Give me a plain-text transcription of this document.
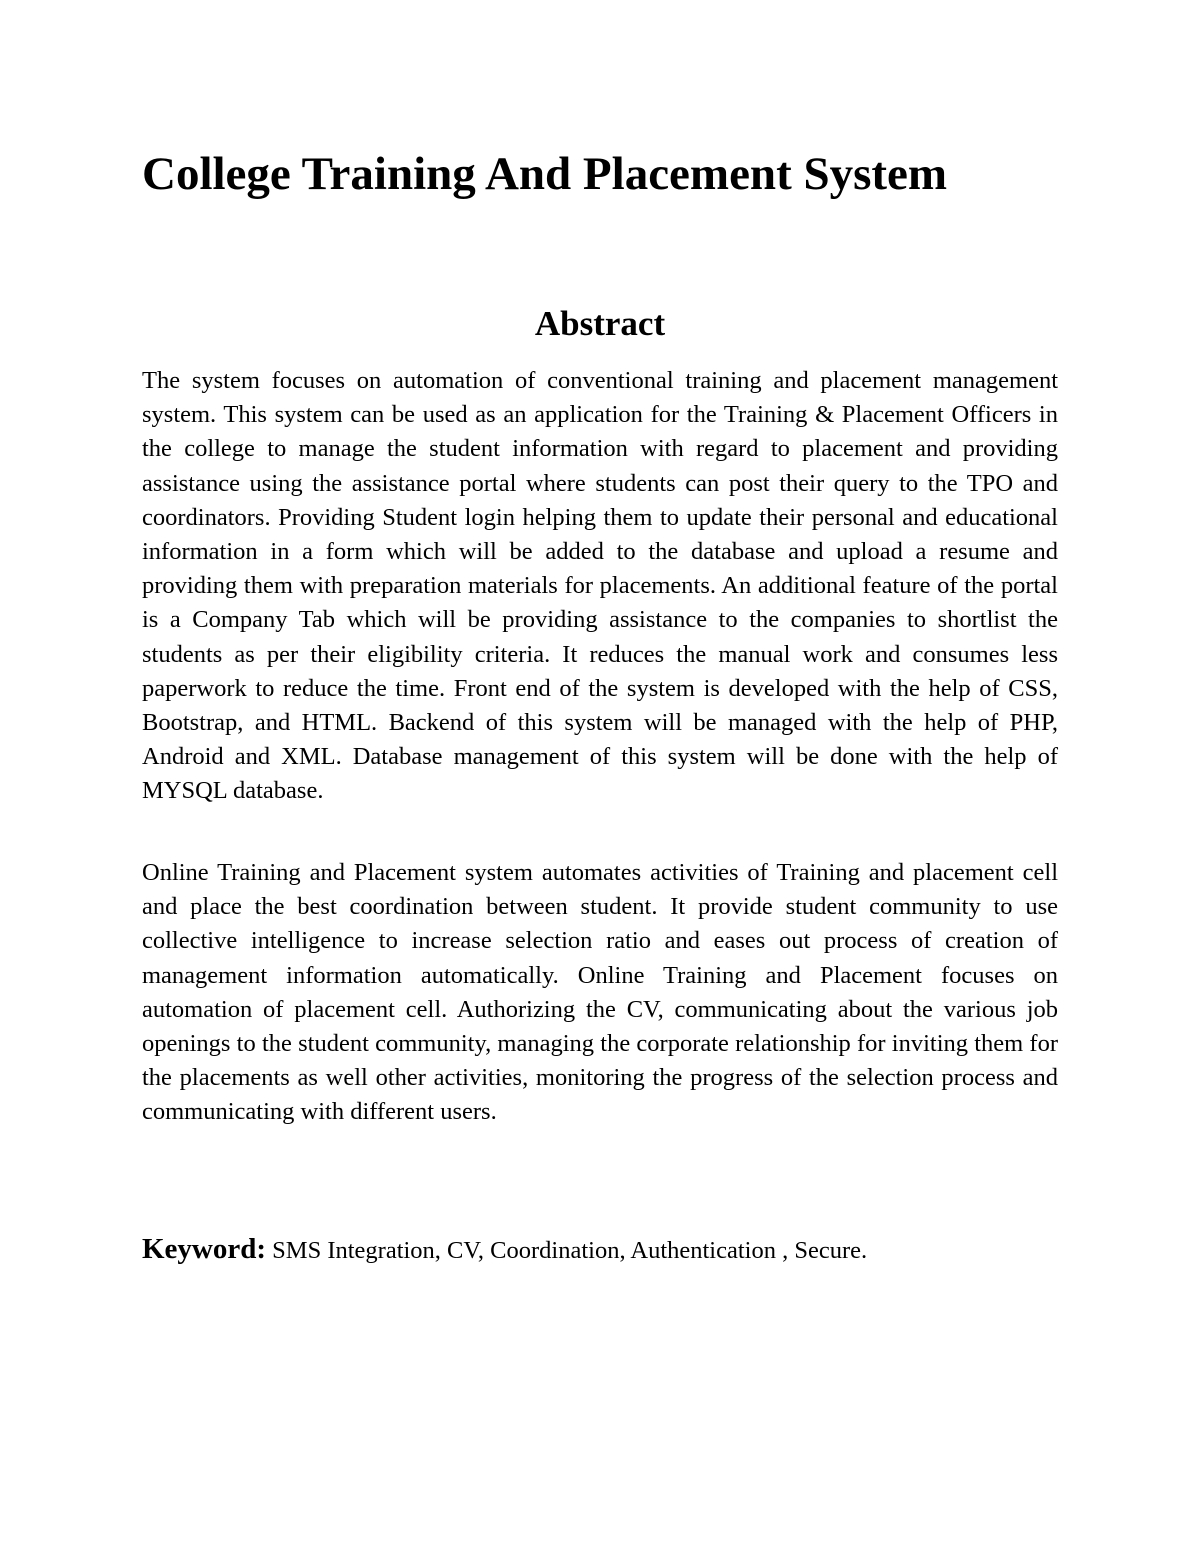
College Training And Placement System
Abstract

The system focuses on automation of conventional training and placement management system. This system can be used as an application for the Training & Placement Officers in the college to manage the student information with regard to placement and providing assistance using the assistance portal where students can post their query to the TPO and coordinators. Providing Student login helping them to update their personal and educational information in a form which will be added to the database and upload a resume and providing them with preparation materials for placements. An additional feature of the portal is a Company Tab which will be providing assistance to the companies to shortlist the students as per their eligibility criteria. It reduces the manual work and consumes less paperwork to reduce the time. Front end of the system is developed with the help of CSS, Bootstrap, and HTML. Backend of this system will be managed with the help of PHP, Android and XML. Database management of this system will be done with the help of MYSQL database.

Online Training and Placement system automates activities of Training and placement cell and place the best coordination between student. It provide student community to use collective intelligence to increase selection ratio and eases out process of creation of management information automatically. Online Training and Placement focuses on automation of placement cell. Authorizing the CV, communicating about the various job openings to the student community, managing the corporate relationship for inviting them for the placements as well other activities, monitoring the progress of the selection process and communicating with different users.

Keyword: SMS Integration, CV, Coordination, Authentication , Secure.
